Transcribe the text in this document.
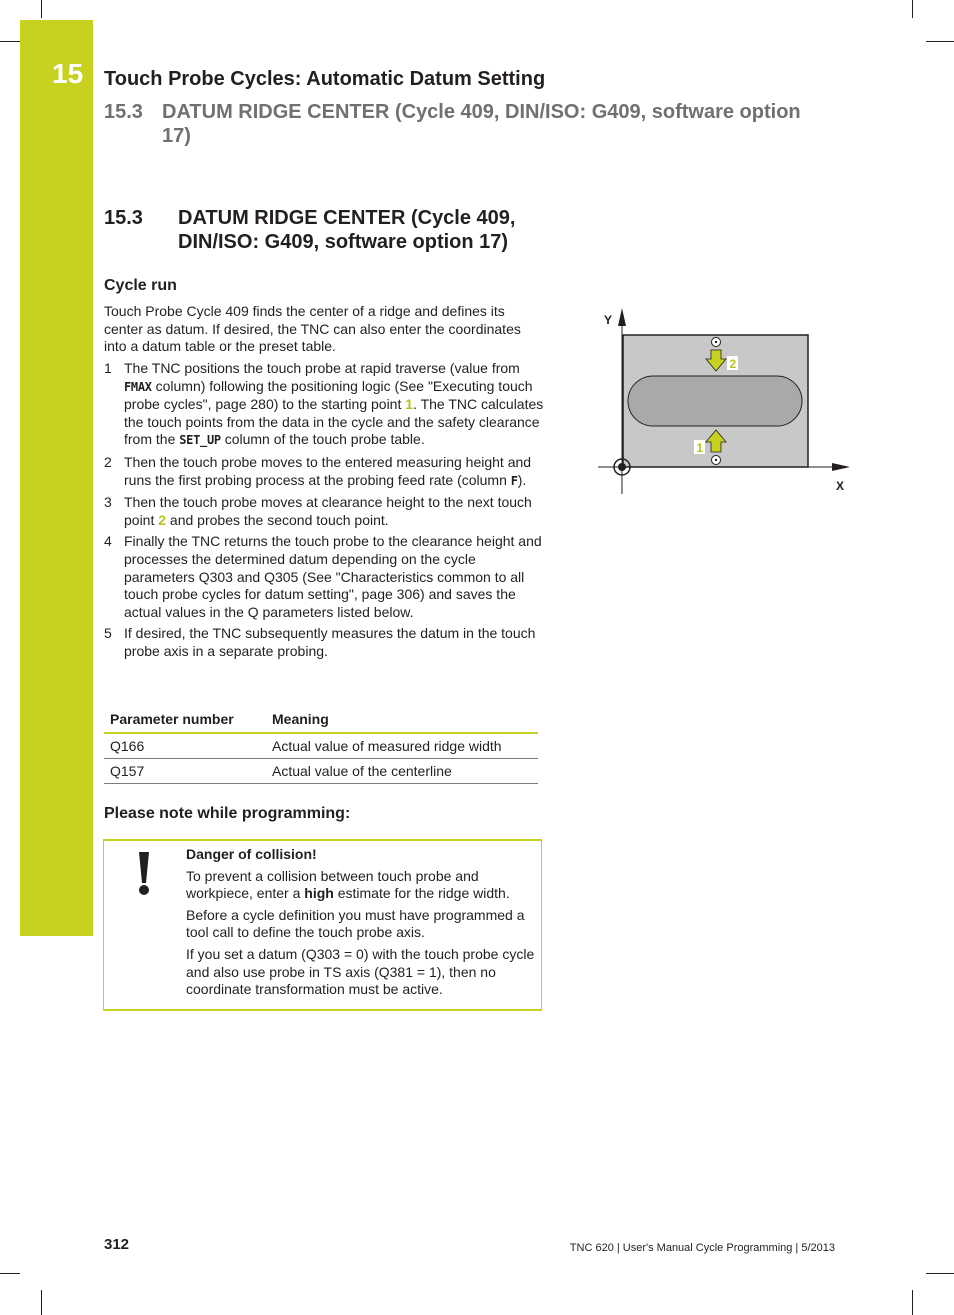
15	Touch Probe Cycles: Automatic Datum Setting
15.3 DATUM RIDGE CENTER (Cycle 409, DIN/ISO: G409, software option
17)
15.3	DATUM RIDGE CENTER (Cycle 409,
DIN/ISO: G409, software option 17)
Cycle run
Touch Probe Cycle 409 finds the center of a ridge and defines its center as datum. If desired, the TNC can also enter the coordinates into a datum table or the preset table.
1 The TNC positions the touch probe at rapid traverse (value from FMAX column) following the positioning logic (See "Executing touch probe cycles", page 280) to the starting point 1. The TNC calculates the touch points from the data in the cycle and the safety clearance from the SET_UP column of the touch probe table.
2 Then the touch probe moves to the entered measuring height and runs the first probing process at the probing feed rate (column F).
3 Then the touch probe moves at clearance height to the next touch point 2 and probes the second touch point.
4 Finally the TNC returns the touch probe to the clearance height and processes the determined datum depending on the cycle parameters Q303 and Q305 (See "Characteristics common to all touch probe cycles for datum setting", page 306) and saves the actual values in the Q parameters listed below.
5 If desired, the TNC subsequently measures the datum in the touch probe axis in a separate probing.
Parameter number	Meaning
Q166	Actual value of measured ridge width
Q157	Actual value of the centerline
Please note while programming:

Danger of collision!

To prevent a collision between touch probe and workpiece, enter a high estimate for the ridge width.

Before a cycle definition you must have programmed a tool call to define the touch probe axis.

If you set a datum (Q303 = 0) with the touch probe cycle and also use probe in TS axis (Q381 = 1), then no coordinate transformation must be active.

2
1
Y
X
312	TNC 620 | User's Manual Cycle Programming | 5/2013
